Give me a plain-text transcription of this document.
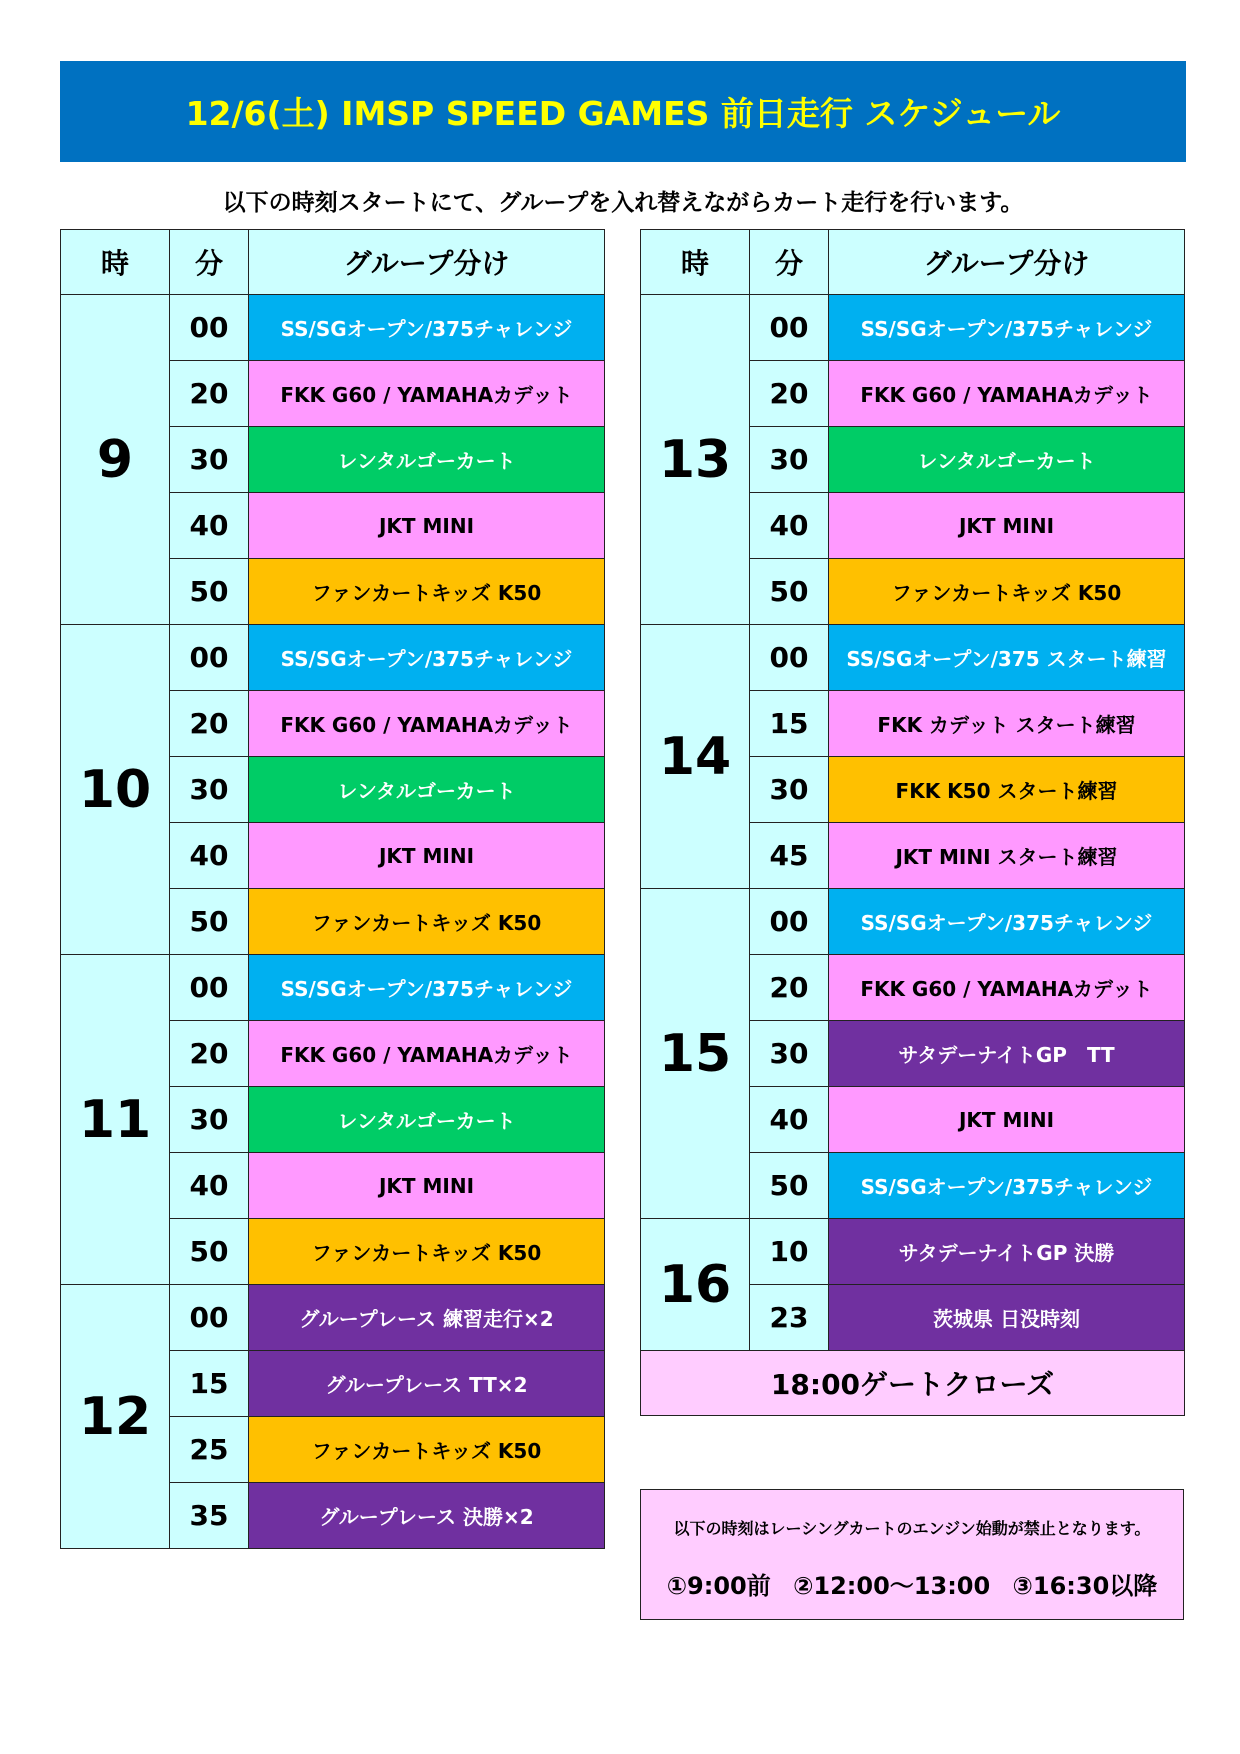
12/6(土) IMSP SPEED GAMES 前日走行 スケジュール
以下の時刻スタートにて、グループを入れ替えながらカート走行を行います。
時	分	グループ分け
9	00	SS/SGオープン/375チャレンジ
	20	FKK G60 / YAMAHAカデット
	30	レンタルゴーカート
	40	JKT MINI
	50	ファンカートキッズ K50
10	00	SS/SGオープン/375チャレンジ
	20	FKK G60 / YAMAHAカデット
	30	レンタルゴーカート
	40	JKT MINI
	50	ファンカートキッズ K50
11	00	SS/SGオープン/375チャレンジ
	20	FKK G60 / YAMAHAカデット
	30	レンタルゴーカート
	40	JKT MINI
	50	ファンカートキッズ K50
12	00	グループレース 練習走行×2
	15	グループレース TT×2
	25	ファンカートキッズ K50
	35	グループレース 決勝×2
時	分	グループ分け
13	00	SS/SGオープン/375チャレンジ
	20	FKK G60 / YAMAHAカデット
	30	レンタルゴーカート
	40	JKT MINI
	50	ファンカートキッズ K50
14	00	SS/SGオープン/375 スタート練習
	15	FKK カデット スタート練習
	30	FKK K50 スタート練習
	45	JKT MINI スタート練習
15	00	SS/SGオープン/375チャレンジ
	20	FKK G60 / YAMAHAカデット
	30	サタデーナイトGP　TT
	40	JKT MINI
	50	SS/SGオープン/375チャレンジ
16	10	サタデーナイトGP 決勝
	23	茨城県 日没時刻
18:00ゲートクローズ		
以下の時刻はレーシングカートのエンジン始動が禁止となります。
①9:00前 ②12:00～13:00 ③16:30以降
